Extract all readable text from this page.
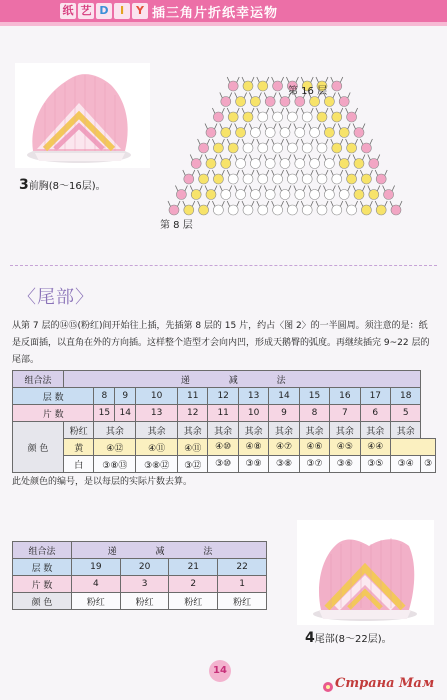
纸 艺 D	I	Y 插三角片折纸幸运物
3前胸(8～16层)。
第 16 层
第 8 层
〈尾部〉
从第 7 层的⑭⑮(粉红)间开始往上插，先插第 8 层的 15 片，约占〈图 2〉的一半圆周。须注意的是：纸是反面插，以直角在外的方向插。这样整个造型才会向内凹，形成天鹅臀的弧度。再继续插完 9~22 层的尾部。
组合法	递 减 法												
层 数		8	9	10	11	12	13	14	15	16	17	18	
片 数		15	14	13	12	11	10	9	8	7	6	5	
颜 色	粉红	其余		其余	其余	其余	其余	其余	其余	其余	其余	其余	
	黄	④⑫		④⑪	④⑪	④⑩	④⑧	④⑦	④⑥	④⑤	④④		
	白	③⑧⑬		③⑧⑫	③⑫	③⑩	③⑨	③⑧	③⑦	③⑥	③⑤	③④	③
此处颜色的编号，是以每层的实际片数去算。
组合法	递 减 法			
层 数	19	20	21	22
片 数	4	3	2	1
颜 色	粉红	粉红	粉红	粉红
4尾部(8～22层)。
14
Страна Мам
